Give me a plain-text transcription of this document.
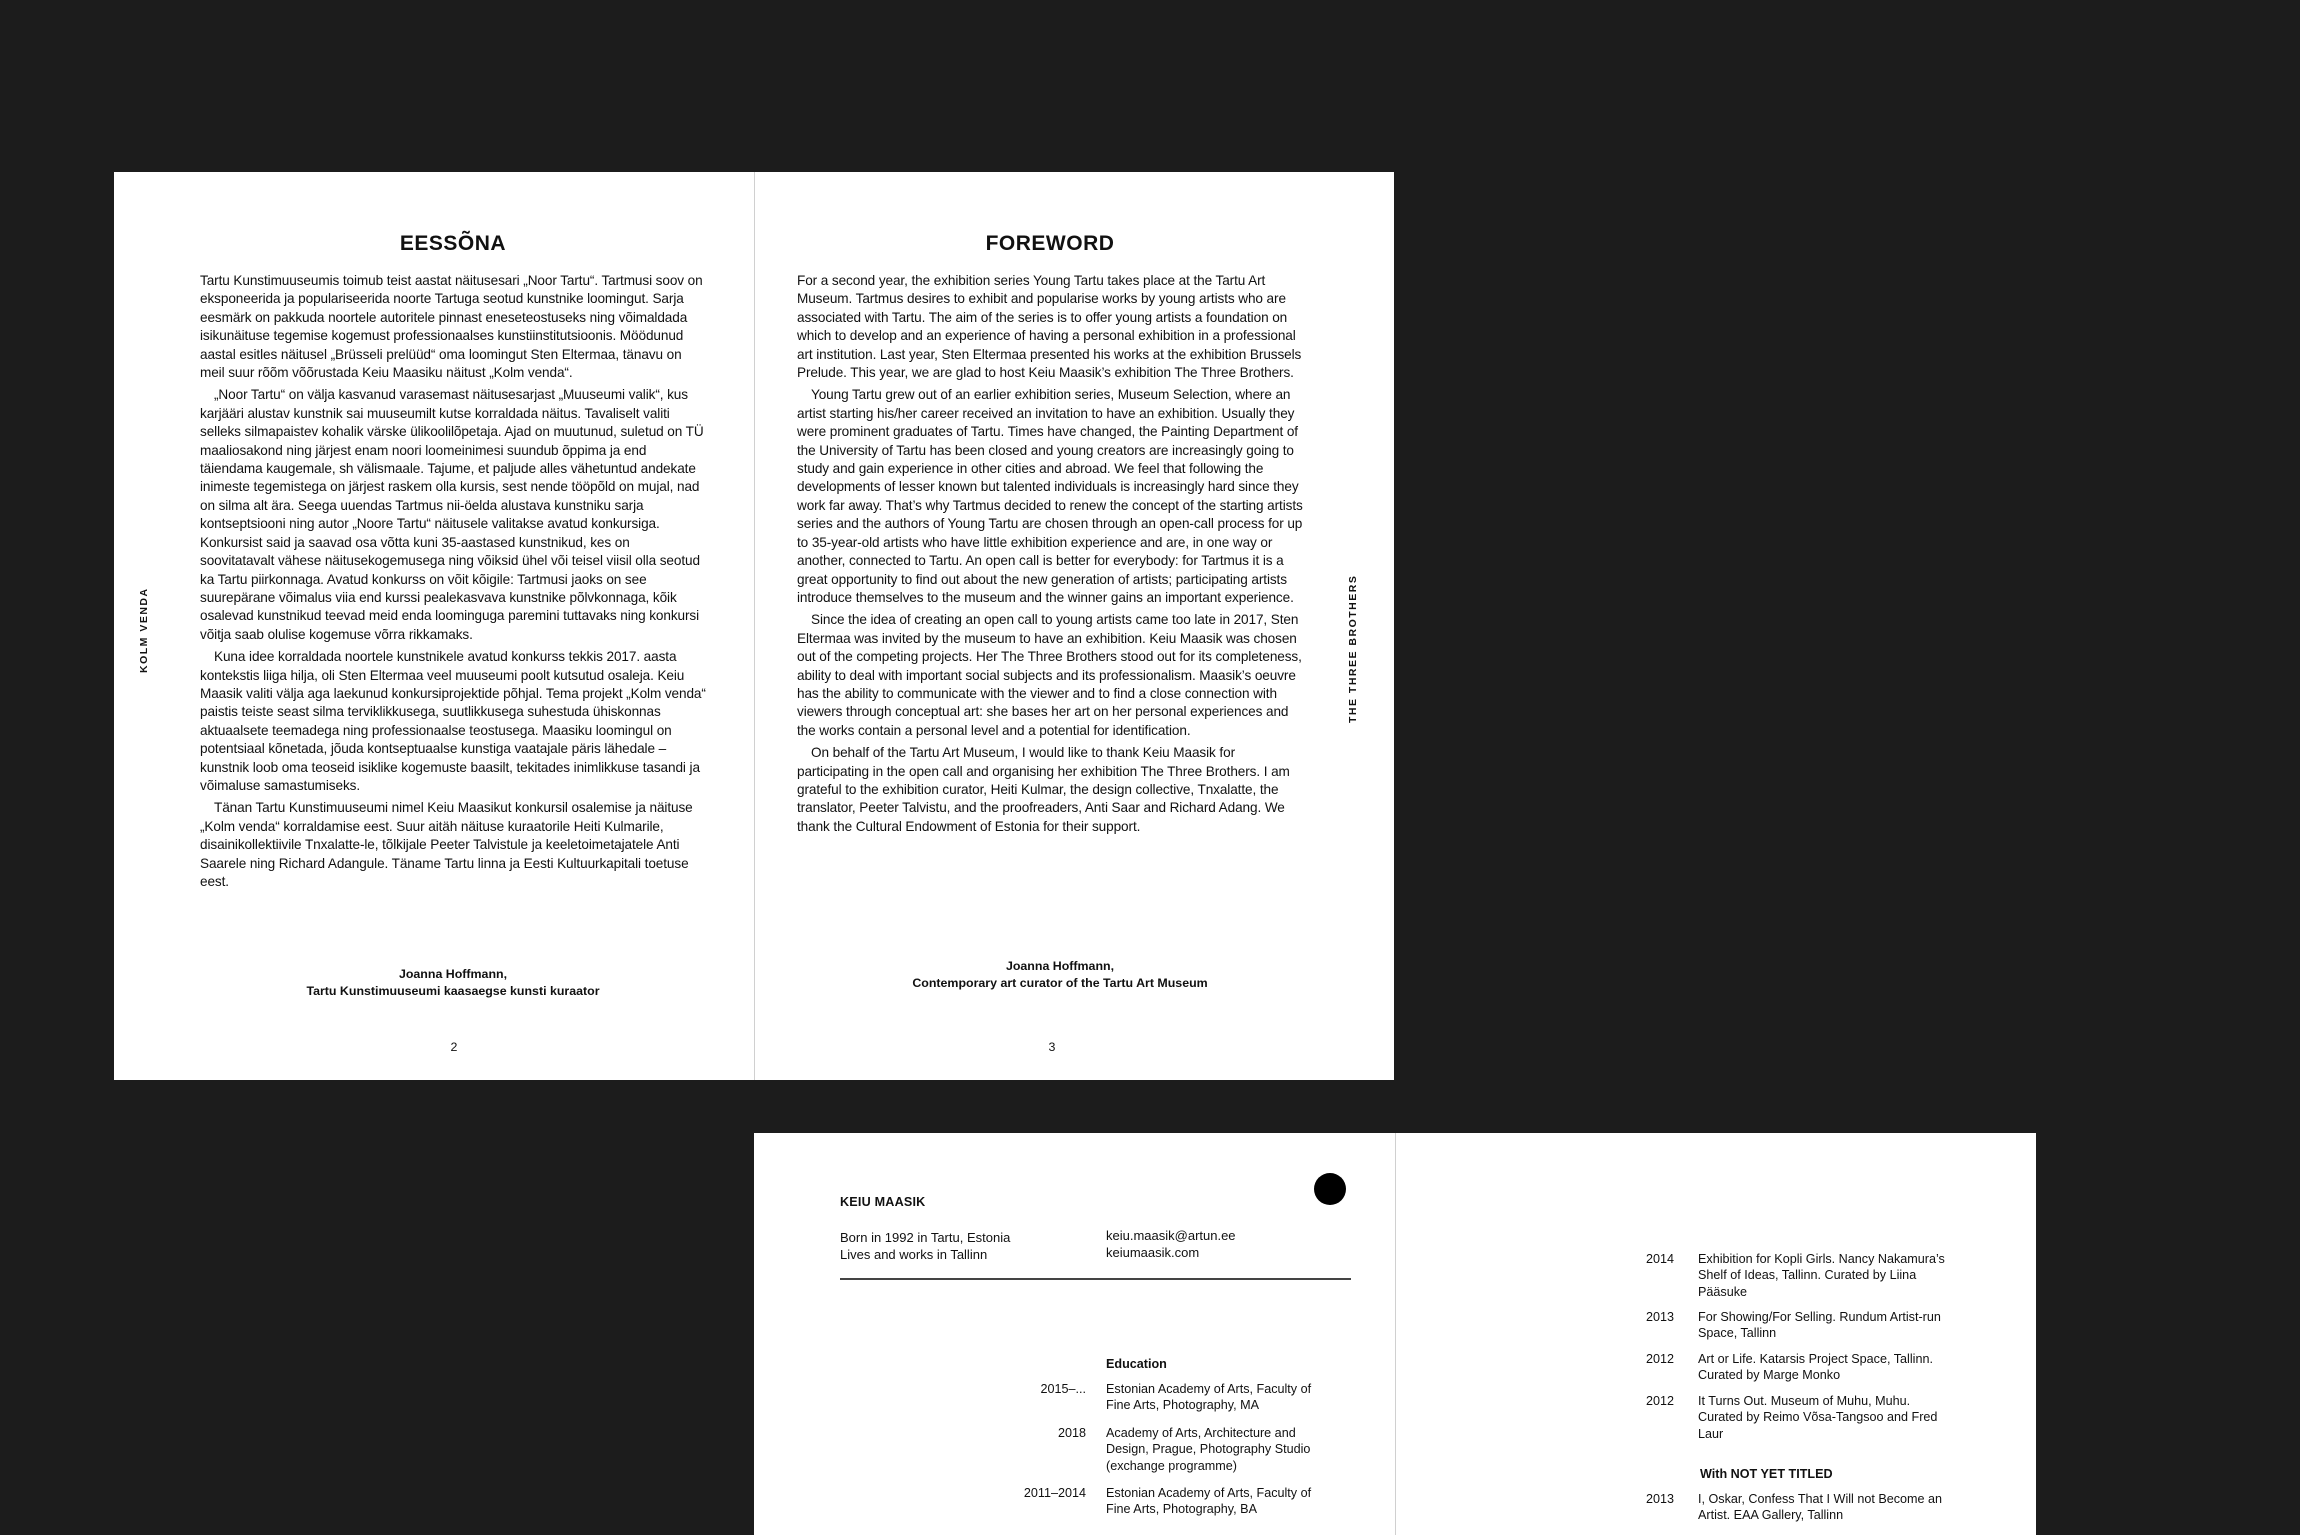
KOLM VENDA
EESSÕNA

Tartu Kunstimuuseumis toimub teist aastat näitusesari „Noor Tartu“. Tartmusi soov on eksponeerida ja populariseerida noorte Tartuga seotud kunstnike loomingut. Sarja eesmärk on pakkuda noortele autoritele pinnast eneseteostuseks ning võimaldada isikunäituse tegemise kogemust professionaalses kunstiinstitutsioonis. Möödunud aastal esitles näitusel „Brüsseli prelüüd“ oma loomingut Sten Eltermaa, tänavu on meil suur rõõm võõrustada Keiu Maasiku näitust „Kolm venda“.

„Noor Tartu“ on välja kasvanud varasemast näitusesarjast „Muuseumi valik“, kus karjääri alustav kunstnik sai muuseumilt kutse korraldada näitus. Tavaliselt valiti selleks silmapaistev kohalik värske ülikoolilõpetaja. Ajad on muutunud, suletud on TÜ maaliosakond ning järjest enam noori loomeinimesi suundub õppima ja end täiendama kaugemale, sh välismaale. Tajume, et paljude alles vähetuntud andekate inimeste tegemistega on järjest raskem olla kursis, sest nende tööpõld on mujal, nad on silma alt ära. Seega uuendas Tartmus nii-öelda alustava kunstniku sarja kontseptsiooni ning autor „Noore Tartu“ näitusele valitakse avatud konkursiga. Konkursist said ja saavad osa võtta kuni 35-aastased kunstnikud, kes on soovitatavalt vähese näitusekogemusega ning võiksid ühel või teisel viisil olla seotud ka Tartu piirkonnaga. Avatud konkurss on võit kõigile: Tartmusi jaoks on see suurepärane võimalus viia end kurssi pealekasvava kunstnike põlvkonnaga, kõik osalevad kunstnikud teevad meid enda loominguga paremini tuttavaks ning konkursi võitja saab olulise kogemuse võrra rikkamaks.

Kuna idee korraldada noortele kunstnikele avatud konkurss tekkis 2017. aasta kontekstis liiga hilja, oli Sten Eltermaa veel muuseumi poolt kutsutud osaleja. Keiu Maasik valiti välja aga laekunud konkursiprojektide põhjal. Tema projekt „Kolm venda“ paistis teiste seast silma terviklikkusega, suutlikkusega suhestuda ühiskonnas aktuaalsete teemadega ning professionaalse teostusega. Maasiku loomingul on potentsiaal kõnetada, jõuda kontseptuaalse kunstiga vaatajale päris lähedale – kunstnik loob oma teoseid isiklike kogemuste baasilt, tekitades inimlikkuse tasandi ja võimaluse samastumiseks.

Tänan Tartu Kunstimuuseumi nimel Keiu Maasikut konkursil osalemise ja näituse „Kolm venda“ korraldamise eest. Suur aitäh näituse kuraatorile Heiti Kulmarile, disainikollektiivile Tnxalatte-le, tõlkijale Peeter Talvistule ja keeletoimetajatele Anti Saarele ning Richard Adangule. Täname Tartu linna ja Eesti Kultuurkapitali toetuse eest.

Joanna Hoffmann,
Tartu Kunstimuuseumi kaasaegse kunsti kuraator
2
FOREWORD

For a second year, the exhibition series Young Tartu takes place at the Tartu Art Museum. Tartmus desires to exhibit and popularise works by young artists who are associated with Tartu. The aim of the series is to offer young artists a foundation on which to develop and an experience of having a personal exhibition in a professional art institution. Last year, Sten Eltermaa presented his works at the exhibition Brussels Prelude. This year, we are glad to host Keiu Maasik’s exhibition The Three Brothers.

Young Tartu grew out of an earlier exhibition series, Museum Selection, where an artist starting his/her career received an invitation to have an exhibition. Usually they were prominent graduates of Tartu. Times have changed, the Painting Department of the University of Tartu has been closed and young creators are increasingly going to study and gain experience in other cities and abroad. We feel that following the developments of lesser known but talented individuals is increasingly hard since they work far away. That’s why Tartmus decided to renew the concept of the starting artists series and the authors of Young Tartu are chosen through an open-call process for up to 35-year-old artists who have little exhibition experience and are, in one way or another, connected to Tartu. An open call is better for everybody: for Tartmus it is a great opportunity to find out about the new generation of artists; participating artists introduce themselves to the museum and the winner gains an important experience.

Since the idea of creating an open call to young artists came too late in 2017, Sten Eltermaa was invited by the museum to have an exhibition. Keiu Maasik was chosen out of the competing projects. Her The Three Brothers stood out for its completeness, ability to deal with important social subjects and its professionalism. Maasik’s oeuvre has the ability to communicate with the viewer and to find a close connection with viewers through conceptual art: she bases her art on her personal experiences and the works contain a personal level and a potential for identification.

On behalf of the Tartu Art Museum, I would like to thank Keiu Maasik for participating in the open call and organising her exhibition The Three Brothers. I am grateful to the exhibition curator, Heiti Kulmar, the design collective, Tnxalatte, the translator, Peeter Talvistu, and the proofreaders, Anti Saar and Richard Adang. We thank the Cultural Endowment of Estonia for their support.

Joanna Hoffmann,
Contemporary art curator of the Tartu Art Museum
3
THE THREE BROTHERS
KEIU MAASIK
Born in 1992 in Tartu, Estonia
Lives and works in Tallinn
keiu.maasik@artun.ee
keiumaasik.com
Education
2015–... Estonian Academy of Arts, Faculty of Fine Arts, Photography, MA
2018 Academy of Arts, Architecture and Design, Prague, Photography Studio (exchange programme)
2011–2014 Estonian Academy of Arts, Faculty of Fine Arts, Photography, BA
2014	Exhibition for Kopli Girls. Nancy Nakamura’s Shelf of Ideas, Tallinn. Curated by Liina Pääsuke
2013	For Showing/For Selling. Rundum Artist-run Space, Tallinn
2012	Art or Life. Katarsis Project Space, Tallinn. Curated by Marge Monko
2012	It Turns Out. Museum of Muhu, Muhu. Curated by Reimo Võsa-Tangsoo and Fred Laur
With NOT YET TITLED
2013	I, Oskar, Confess That I Will not Become an Artist. EAA Gallery, Tallinn
